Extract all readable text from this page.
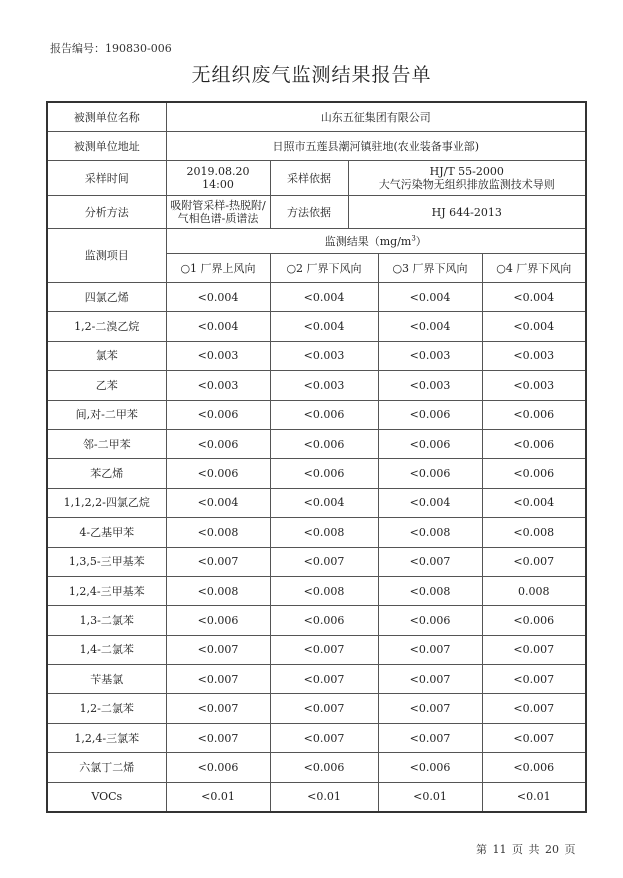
报告编号：190830-006
无组织废气监测结果报告单
被测单位名称	山东五征集团有限公司				
被测单位地址	日照市五莲县潮河镇驻地(农业装备事业部)				
采样时间	2019.08.20　14:00	采样依据	HJ/T 55-2000
大气污染物无组织排放监测技术导则		

分析方法	吸附管采样-热脱附/气相色谱-质谱法	方法依据	HJ 644-2013		
监测项目	监测结果$(mg/m^3)$				
	○1 厂界上风向	○2 厂界下风向		○3 厂界下风向	○4 厂界下风向
四氯乙烯	<0.004	<0.004		<0.004	<0.004
1,2-二溴乙烷	<0.004	<0.004		<0.004	<0.004
氯苯	<0.003	<0.003		<0.003	<0.003
乙苯	<0.003	<0.003		<0.003	<0.003
间,对-二甲苯	<0.006	<0.006		<0.006	<0.006
邻-二甲苯	<0.006	<0.006		<0.006	<0.006
苯乙烯	<0.006	<0.006		<0.006	<0.006
1,1,2,2-四氯乙烷	<0.004	<0.004		<0.004	<0.004
4-乙基甲苯	<0.008	<0.008		<0.008	<0.008
1,3,5-三甲基苯	<0.007	<0.007		<0.007	<0.007
1,2,4-三甲基苯	<0.008	<0.008		<0.008	0.008
1,3-二氯苯	<0.006	<0.006		<0.006	<0.006
1,4-二氯苯	<0.007	<0.007		<0.007	<0.007
苄基氯	<0.007	<0.007		<0.007	<0.007
1,2-二氯苯	<0.007	<0.007		<0.007	<0.007
1,2,4-三氯苯	<0.007	<0.007		<0.007	<0.007
六氯丁二烯	<0.006	<0.006		<0.006	<0.006
VOCs	<0.01	<0.01		<0.01	<0.01
第 11 页 共 20 页
